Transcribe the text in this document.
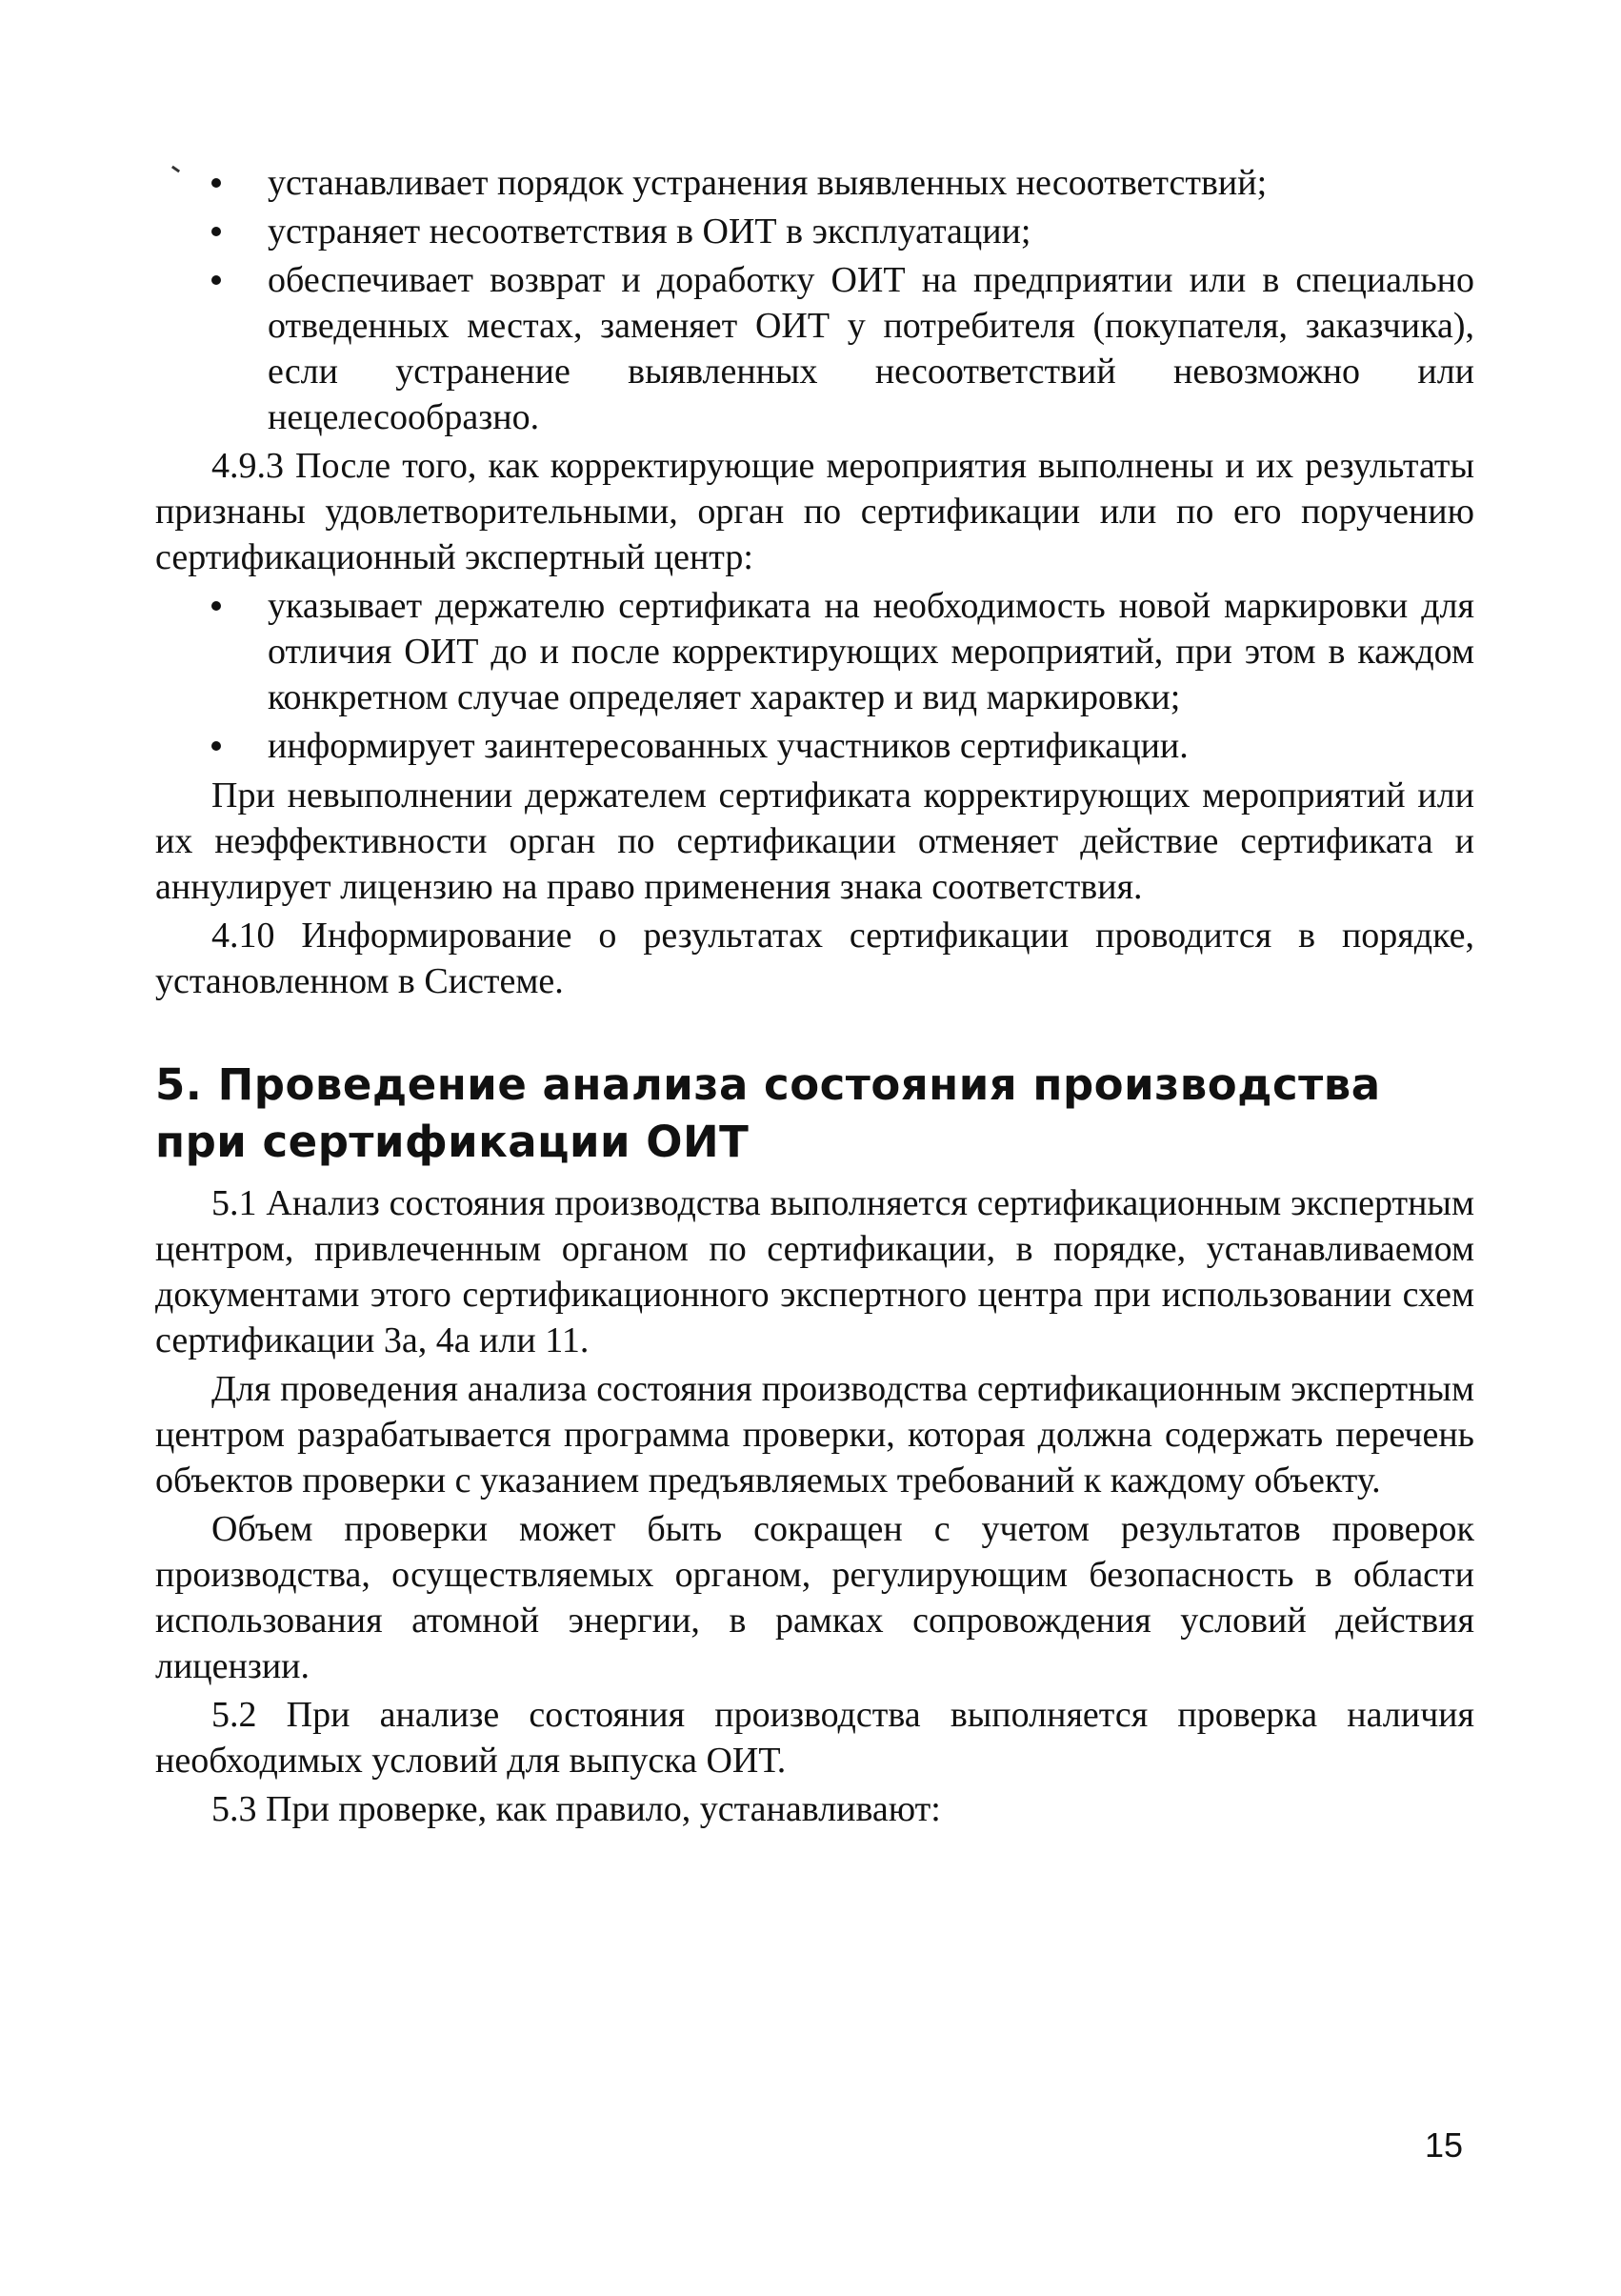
устанавливает порядок устранения выявленных несоответствий;
устраняет несоответствия в ОИТ в эксплуатации;
обеспечивает возврат и доработку ОИТ на предприятии или в специально отведенных местах, заменяет ОИТ у потребителя (покупателя, заказчика), если устранение выявленных несоответствий невозможно или нецелесообразно.

4.9.3 После того, как корректирующие мероприятия выполнены и их результаты признаны удовлетворительными, орган по сертификации или по его поручению сертификационный экспертный центр:

указывает держателю сертификата на необходимость новой маркировки для отличия ОИТ до и после корректирующих мероприятий, при этом в каждом конкретном случае определяет характер и вид маркировки;
информирует заинтересованных участников сертификации.

При невыполнении держателем сертификата корректирующих мероприятий или их неэффективности орган по сертификации отменяет действие сертификата и аннулирует лицензию на право применения знака соответствия.

4.10 Информирование о результатах сертификации проводится в порядке, установленном в Системе.

5. Проведение анализа состояния производства при сертификации ОИТ

5.1 Анализ состояния производства выполняется сертификационным экспертным центром, привлеченным органом по сертификации, в порядке, устанавливаемом документами этого сертификационного экспертного центра при использовании схем сертификации 3а, 4а или 11.

Для проведения анализа состояния производства сертификационным экспертным центром разрабатывается программа проверки, которая должна содержать перечень объектов проверки с указанием предъявляемых требований к каждому объекту.

Объем проверки может быть сокращен с учетом результатов проверок производства, осуществляемых органом, регулирующим безопасность в области использования атомной энергии, в рамках сопровождения условий действия лицензии.

5.2 При анализе состояния производства выполняется проверка наличия необходимых условий для выпуска ОИТ.

5.3 При проверке, как правило, устанавливают:

15
